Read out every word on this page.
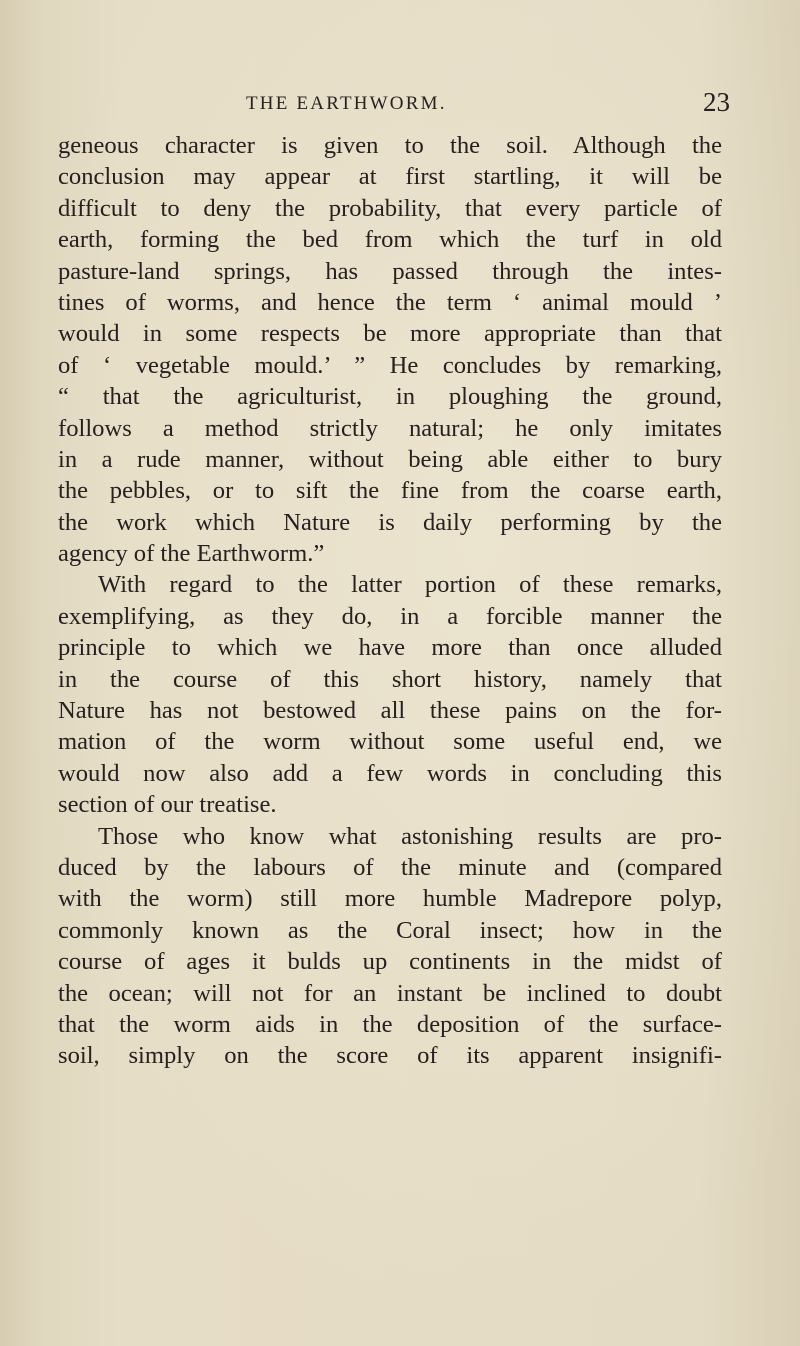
THE EARTHWORM.	23
geneous character is given to the soil. Although the
conclusion may appear at first startling, it will be
difficult to deny the probability, that every particle of
earth, forming the bed from which the turf in old
pasture-land springs, has passed through the intes-
tines of worms, and hence the term ‘ animal mould ’
would in some respects be more appropriate than that
of ‘ vegetable mould.’ ” He concludes by remarking,
“ that the agriculturist, in ploughing the ground,
follows a method strictly natural; he only imitates
in a rude manner, without being able either to bury
the pebbles, or to sift the fine from the coarse earth,
the work which Nature is daily performing by the
agency of the Earthworm.”
With regard to the latter portion of these remarks,
exemplifying, as they do, in a forcible manner the
principle to which we have more than once alluded
in the course of this short history, namely that
Nature has not bestowed all these pains on the for-
mation of the worm without some useful end, we
would now also add a few words in concluding this
section of our treatise.
Those who know what astonishing results are pro-
duced by the labours of the minute and (compared
with the worm) still more humble Madrepore polyp,
commonly known as the Coral insect; how in the
course of ages it bulds up continents in the midst of
the ocean; will not for an instant be inclined to doubt
that the worm aids in the deposition of the surface-
soil, simply on the score of its apparent insignifi-
